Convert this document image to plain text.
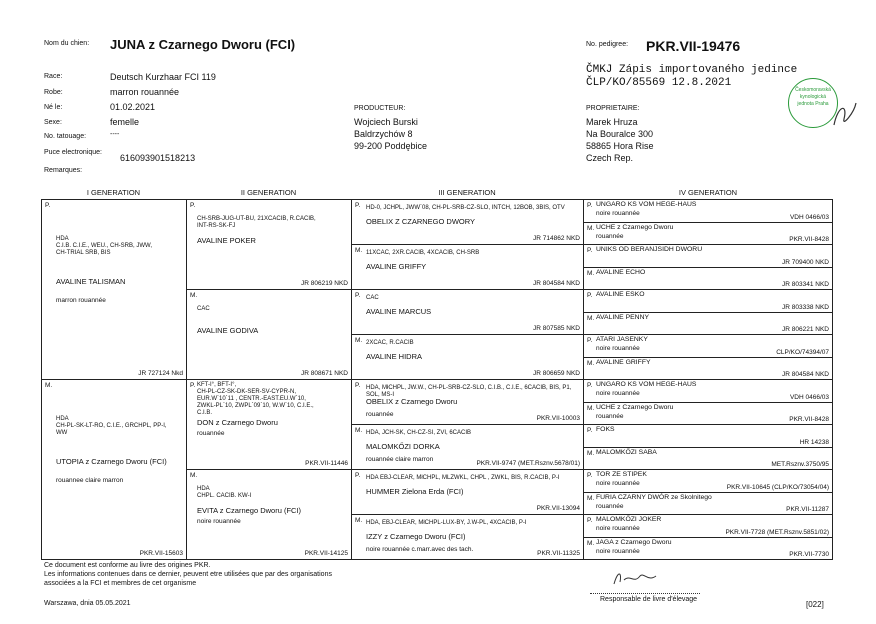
Nom du chien: JUNA z Czarnego Dworu (FCI)	No. pedigree: PKR.VII-19476
ČMKJ Zápis importovaného jedince
ČLP/KO/85569 12.8.2021
Race:	Deutsch Kurzhaar FCI 119
Robe:	marron rouannée
Né le:	01.02.2021
Sexe:	femelle
No. tatouage:	----
Puce electronique:
616093901518213
Remarques:
PRODUCTEUR:
Wojciech Burski
Baldrzychów 8
99-200 Poddębice
PROPRIETAIRE:
Marek Hruza
Na Bouralce 300
58865 Hora Rise
Czech Rep.
Českomoravská kynologická jednota Praha
I GENERATION	II GENERATION	III GENERATION	IV GENERATION
P.
HDA
C.I.B. C.I.E., WEU., CH-SRB, JWW,
CH-TRIAL SRB, BIS
AVALINE TALISMAN
marron rouannée
JR 727124 Nkd
M.
HDA
CH-PL-SK-LT-RO, C.I.E., GRCHPL, PP-I,
WW
UTOPIA z Czarnego Dworu (FCI)
rouannee claire marron
PKR.VII-15603
P.
CH-SRB-JUG-UT-BU, 21XCACIB, R.CACIB,
INT-RS-SK-FJ
AVALINE POKER
JR 806219 NKD
M.
CAC
AVALINE GODIVA
JR 808671 NKD
P. KFT-I°, BFT-I°,
CH-PL-CZ-SK-DK-SER-SV-CYPR-N,
EUR.W`10`11 , CENTR.-EAST.EU.W`10,
ZWKL-PL`10, ZWPL`09`10, W.W`10, C.I.E.,
C.I.B.
DON z Czarnego Dworu
rouannée
PKR.VII-11446
M.
HDA
CHPL. CACIB. KW-I
EVITA z Czarnego Dworu (FCI)
noire rouannée
PKR.VII-14125
P. HD-0, JCHPL, JWW`08, CH-PL-SRB-CZ-SLO, INTCH, 12BOB, 3BIS, OTV
OBELIX Z CZARNEGO DWORY
JR 714862 NKD
M. 11XCAC, 2XR.CACIB, 4XCACIB, CH-SRB
AVALINE GRIFFY
JR 804584 NKD
P. CAC
AVALINE MARCUS
JR 807585 NKD
M. 2XCAC, R.CACIB
AVALINE HIDRA
JR 806659 NKD
P. HDA, MłCHPL, JW.W., CH-PL-SRB-CZ-SLO, C.I.B., C.I.E., 6CACIB, BIS, P1,
SOL, MS-I
OBELIX z Czarnego Dworu
rouannée
PKR.VII-10003
M. HDA, JCH-SK, CH-CZ-SI, ZVI, 6CACIB
MALOMKŐZI DORKA
rouannée claire marron
PKR.VII-9747 (MET.Rsznv.5678/01)
P. HDA EBJ-CLEAR, MłCHPL, MLZWKL, CHPL , ZWKL, BIS, R.CACIB, P-I
HUMMER Zielona Erda (FCI)
PKR.VII-13094
M. HDA, EBJ-CLEAR, MłCHPL-LUX-BY, J.W-PL, 4XCACIB, P-I
IZZY z Czarnego Dworu (FCI)
noire rouannée c.marr.avec des tach.
PKR.VII-11325
P. UNGARO KS VOM HEGE-HAUS
noire rouannée	VDH 0466/03
M. UCHE z Czarnego Dworu
rouannée	PKR.VII-8428
P. UNIKS OD BERANJSIDH DWORU
JR 709400 NKD
M. AVALINE ECHO
JR 803341 NKD
P. AVALINE ESKO
JR 803338 NKD
M. AVALINE PENNY
JR 806221 NKD
P. ATARI JASENKY
noire rouannée	CLP/KO/74394/07
M. AVALINE GRIFFY
JR 804584 NKD
P. UNGARO KS VOM HEGE-HAUS
noire rouannée	VDH 0466/03
M. UCHE z Czarnego Dworu
rouannée	PKR.VII-8428
P. FOKS
HR 14238
M. MALOMKŐZI SABA
MET.Rsznv.3750/95
P. TOR ZE STIPEK
noire rouannée	PKR.VII-10645 (CLP/KO/73054/04)
M. FURIA CZARNY DWÓR ze Skolnitego
rouannée	PKR.VII-11287
P. MALOMKŐZI JOKER
noire rouannée	PKR.VII-7728 (MET.Rsznv.5851/02)
M. JAGA z Czarnego Dworu
noire rouannée	PKR.VII-7730
Ce document est conforme au livre des origines PKR.
Les informations contenues dans ce dernier, peuvent etre utilisées que par des organisations
associées a la FCI et membres de cet organisme
Warszawa, dnia 05.05.2021
Responsable de livre d'élevage
[022]
